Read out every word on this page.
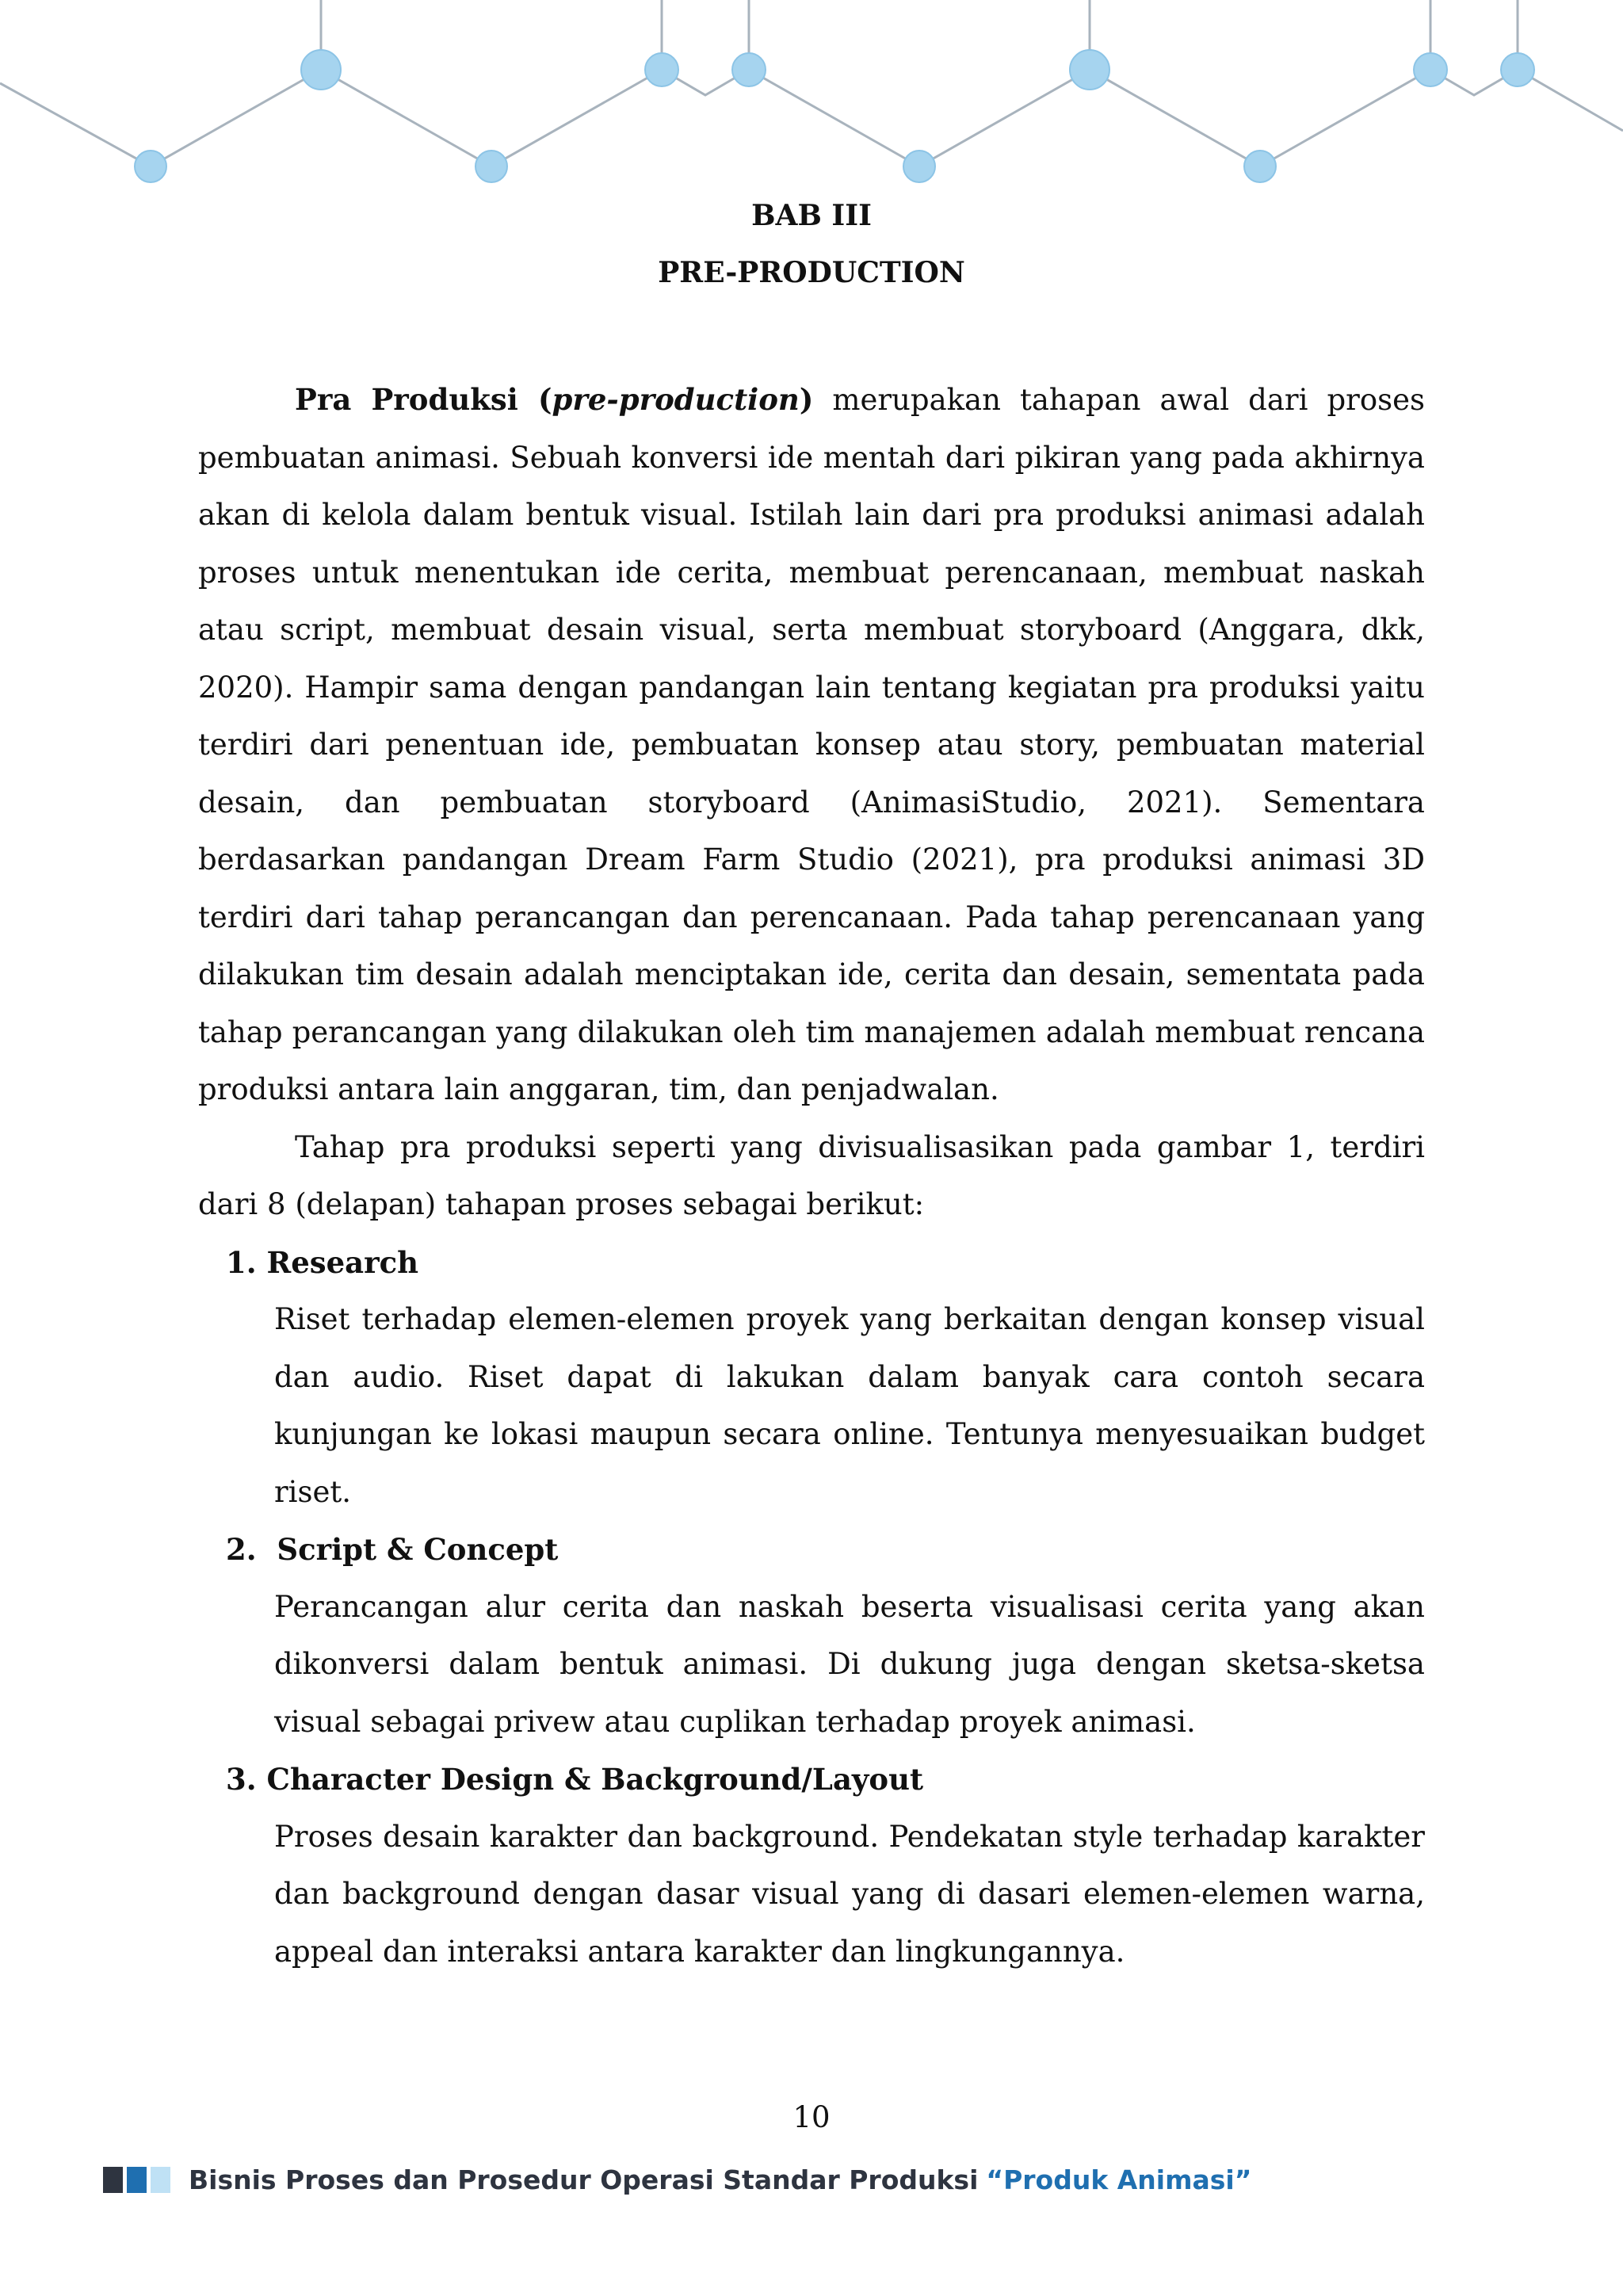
BAB III
PRE-PRODUCTION

Pra Produksi (pre-production) merupakan tahapan awal dari proses pembuatan animasi. Sebuah konversi ide mentah dari pikiran yang pada akhirnya akan di kelola dalam bentuk visual. Istilah lain dari pra produksi animasi adalah proses untuk menentukan ide cerita, membuat perencanaan, membuat naskah atau script, membuat desain visual, serta membuat storyboard (Anggara, dkk, 2020). Hampir sama dengan pandangan lain tentang kegiatan pra produksi yaitu terdiri dari penentuan ide, pembuatan konsep atau story, pembuatan material desain, dan pembuatan storyboard (AnimasiStudio, 2021). Sementara berdasarkan pandangan Dream Farm Studio (2021), pra produksi animasi 3D terdiri dari tahap perancangan dan perencanaan. Pada tahap perencanaan yang dilakukan tim desain adalah menciptakan ide, cerita dan desain, sementata pada tahap perancangan yang dilakukan oleh tim manajemen adalah membuat rencana produksi antara lain anggaran, tim, dan penjadwalan.

Tahap pra produksi seperti yang divisualisasikan pada gambar 1, terdiri dari 8 (delapan) tahapan proses sebagai berikut:

1. Research
Riset terhadap elemen-elemen proyek yang berkaitan dengan konsep visual dan audio. Riset dapat di lakukan dalam banyak cara contoh secara kunjungan ke lokasi maupun secara online. Tentunya menyesuaikan budget riset.
2.  Script & Concept
Perancangan alur cerita dan naskah beserta visualisasi cerita yang akan dikonversi dalam bentuk animasi. Di dukung juga dengan sketsa-sketsa visual sebagai privew atau cuplikan terhadap proyek animasi.
3. Character Design & Background/Layout
Proses desain karakter dan background. Pendekatan style terhadap karakter dan background dengan dasar visual yang di dasari elemen-elemen warna, appeal dan interaksi antara karakter dan lingkungannya.
10
Bisnis Proses dan Prosedur Operasi Standar Produksi “Produk Animasi”
